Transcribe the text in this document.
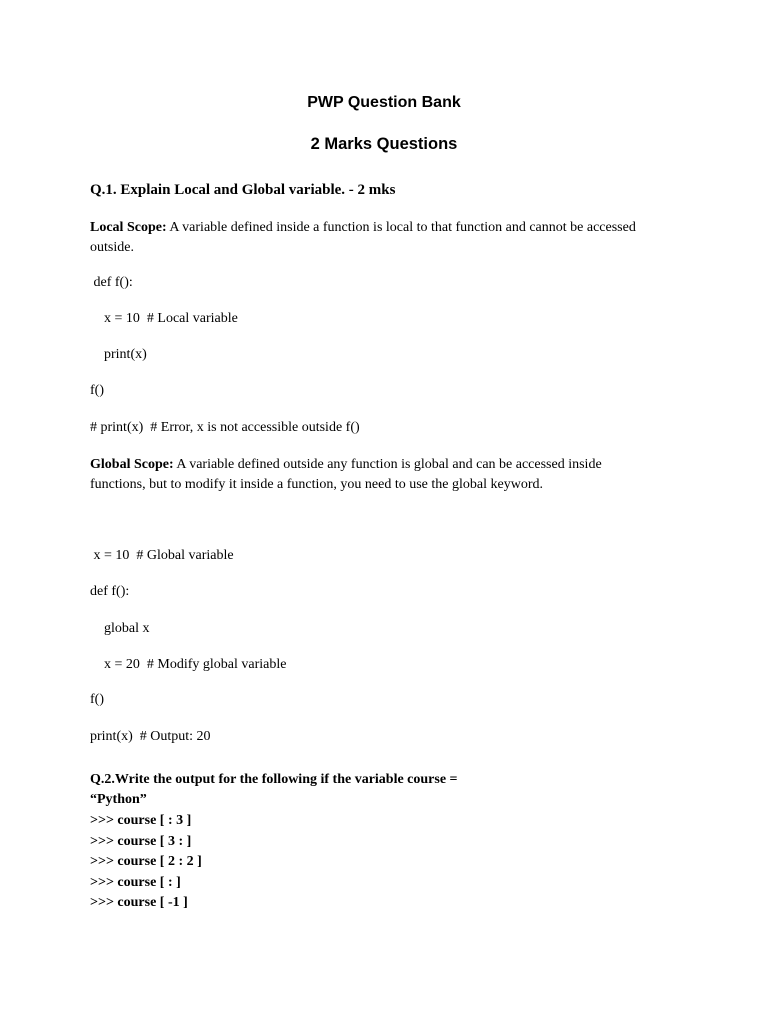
PWP Question Bank
2 Marks Questions
Q.1. Explain Local and Global variable. - 2 mks
Local Scope: A variable defined inside a function is local to that function and cannot be accessed outside.
def f():
x = 10  # Local variable
print(x)
f()
# print(x)  # Error, x is not accessible outside f()
Global Scope: A variable defined outside any function is global and can be accessed inside functions, but to modify it inside a function, you need to use the global keyword.
x = 10  # Global variable
def f():
global x
x = 20  # Modify global variable
f()
print(x)  # Output: 20
Q.2.Write the output for the following if the variable course =
“Python”
>>> course [ : 3 ]
>>> course [ 3 : ]
>>> course [ 2 : 2 ]
>>> course [ : ]
>>> course [ -1 ]
